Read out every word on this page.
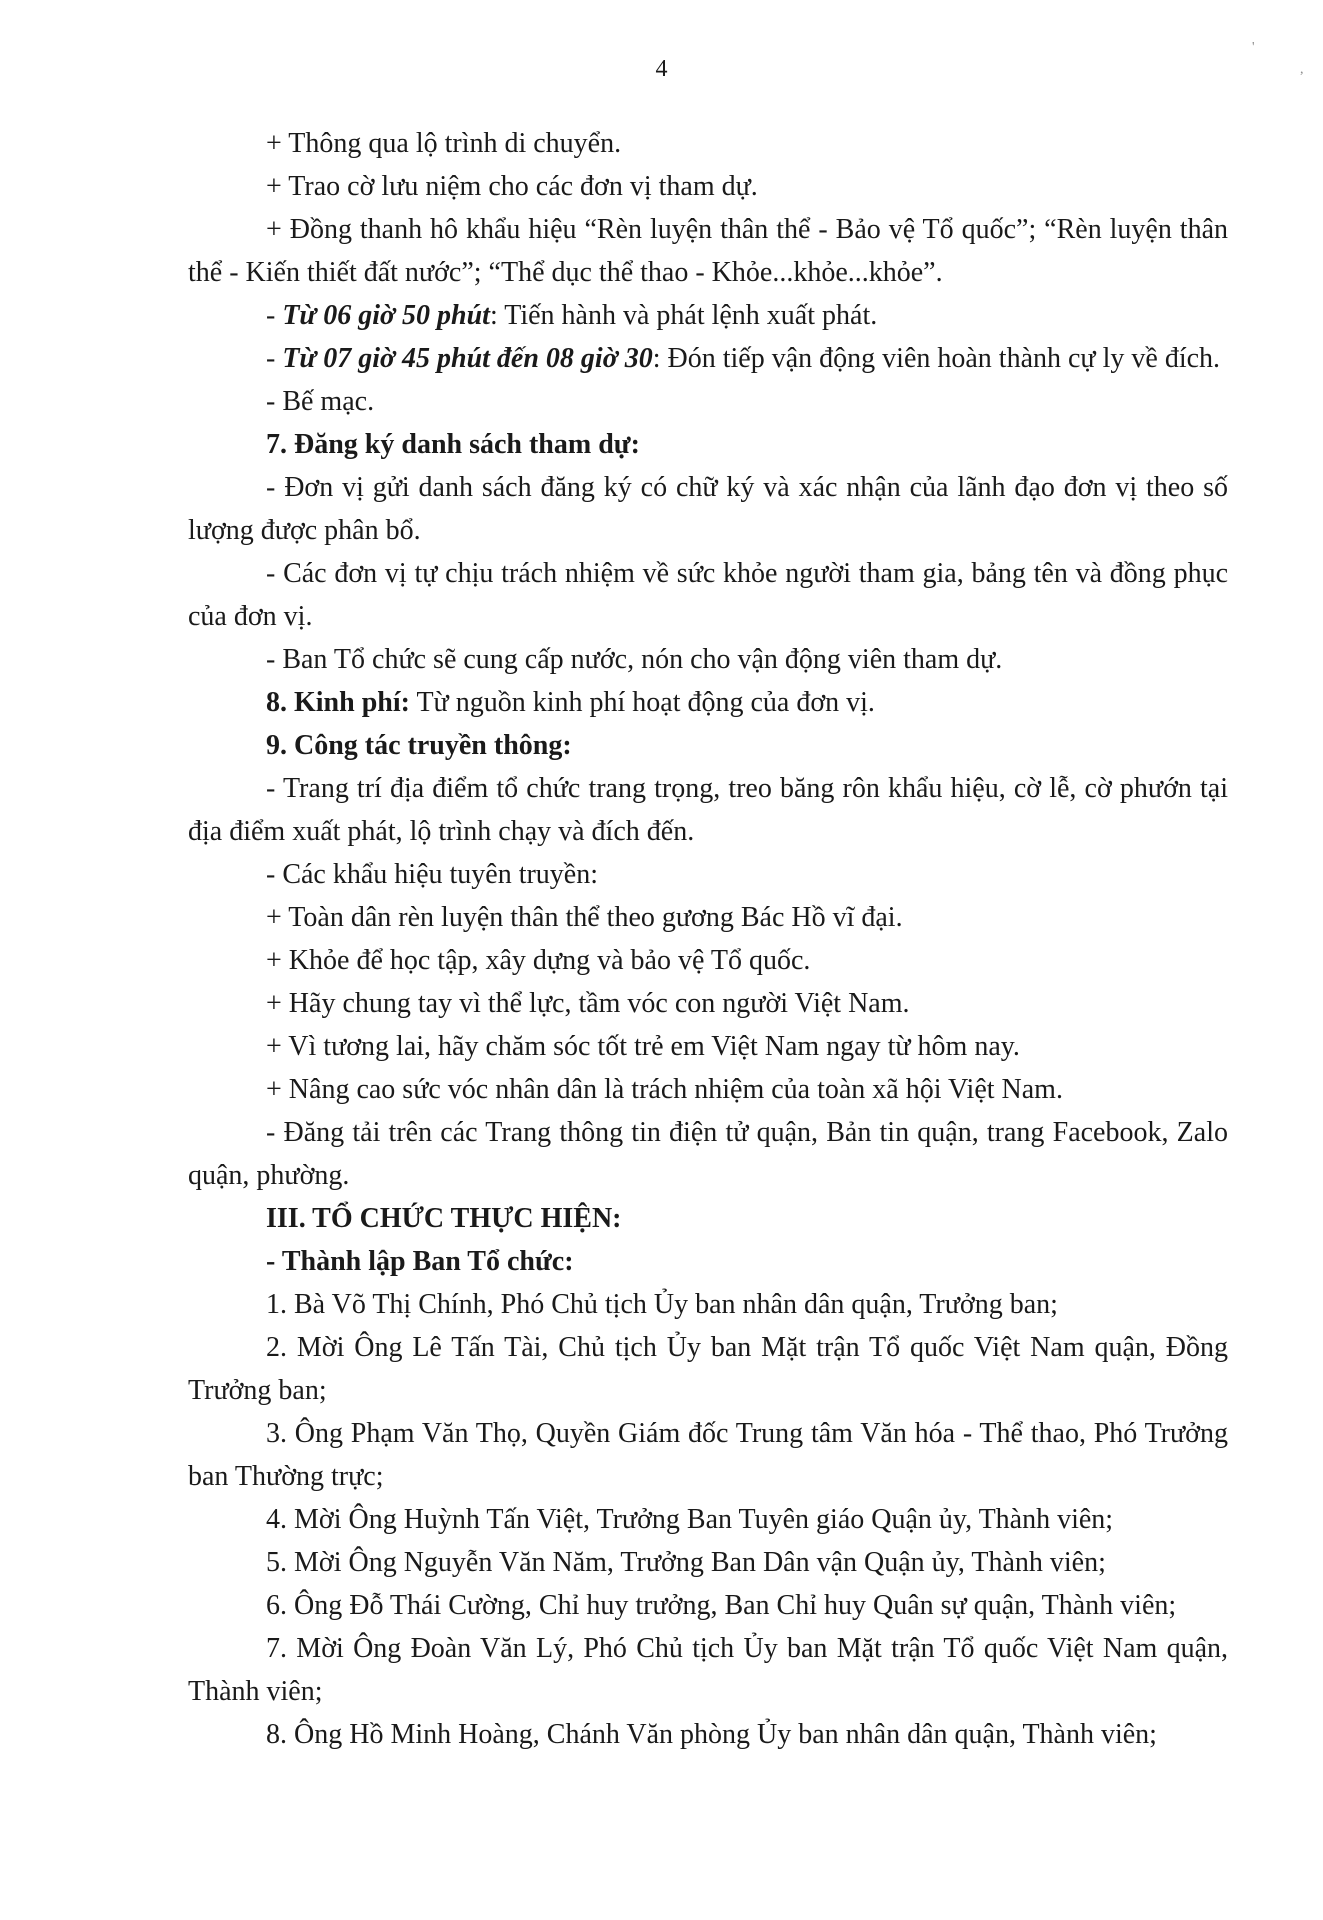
4
'
,

+ Thông qua lộ trình di chuyển.

+ Trao cờ lưu niệm cho các đơn vị tham dự.

+ Đồng thanh hô khẩu hiệu “Rèn luyện thân thể - Bảo vệ Tổ quốc”; “Rèn luyện thân thể - Kiến thiết đất nước”; “Thể dục thể thao - Khỏe...khỏe...khỏe”.

- Từ 06 giờ 50 phút: Tiến hành và phát lệnh xuất phát.

- Từ 07 giờ 45 phút đến 08 giờ 30: Đón tiếp vận động viên hoàn thành cự ly về đích.

- Bế mạc.

7. Đăng ký danh sách tham dự:

- Đơn vị gửi danh sách đăng ký có chữ ký và xác nhận của lãnh đạo đơn vị theo số lượng được phân bổ.

- Các đơn vị tự chịu trách nhiệm về sức khỏe người tham gia, bảng tên và đồng phục của đơn vị.

- Ban Tổ chức sẽ cung cấp nước, nón cho vận động viên tham dự.

8. Kinh phí: Từ nguồn kinh phí hoạt động của đơn vị.

9. Công tác truyền thông:

- Trang trí địa điểm tổ chức trang trọng, treo băng rôn khẩu hiệu, cờ lễ, cờ phướn tại địa điểm xuất phát, lộ trình chạy và đích đến.

- Các khẩu hiệu tuyên truyền:

+ Toàn dân rèn luyện thân thể theo gương Bác Hồ vĩ đại.

+ Khỏe để học tập, xây dựng và bảo vệ Tổ quốc.

+ Hãy chung tay vì thể lực, tầm vóc con người Việt Nam.

+ Vì tương lai, hãy chăm sóc tốt trẻ em Việt Nam ngay từ hôm nay.

+ Nâng cao sức vóc nhân dân là trách nhiệm của toàn xã hội Việt Nam.

- Đăng tải trên các Trang thông tin điện tử quận, Bản tin quận, trang Facebook, Zalo quận, phường.

III. TỔ CHỨC THỰC HIỆN:

- Thành lập Ban Tổ chức:

1. Bà Võ Thị Chính, Phó Chủ tịch Ủy ban nhân dân quận, Trưởng ban;

2. Mời Ông Lê Tấn Tài, Chủ tịch Ủy ban Mặt trận Tổ quốc Việt Nam quận, Đồng Trưởng ban;

3. Ông Phạm Văn Thọ, Quyền Giám đốc Trung tâm Văn hóa - Thể thao, Phó Trưởng ban Thường trực;

4. Mời Ông Huỳnh Tấn Việt, Trưởng Ban Tuyên giáo Quận ủy, Thành viên;

5. Mời Ông Nguyễn Văn Năm, Trưởng Ban Dân vận Quận ủy, Thành viên;

6. Ông Đỗ Thái Cường, Chỉ huy trưởng, Ban Chỉ huy Quân sự quận, Thành viên;

7. Mời Ông Đoàn Văn Lý, Phó Chủ tịch Ủy ban Mặt trận Tổ quốc Việt Nam quận, Thành viên;

8. Ông Hồ Minh Hoàng, Chánh Văn phòng Ủy ban nhân dân quận, Thành viên;
